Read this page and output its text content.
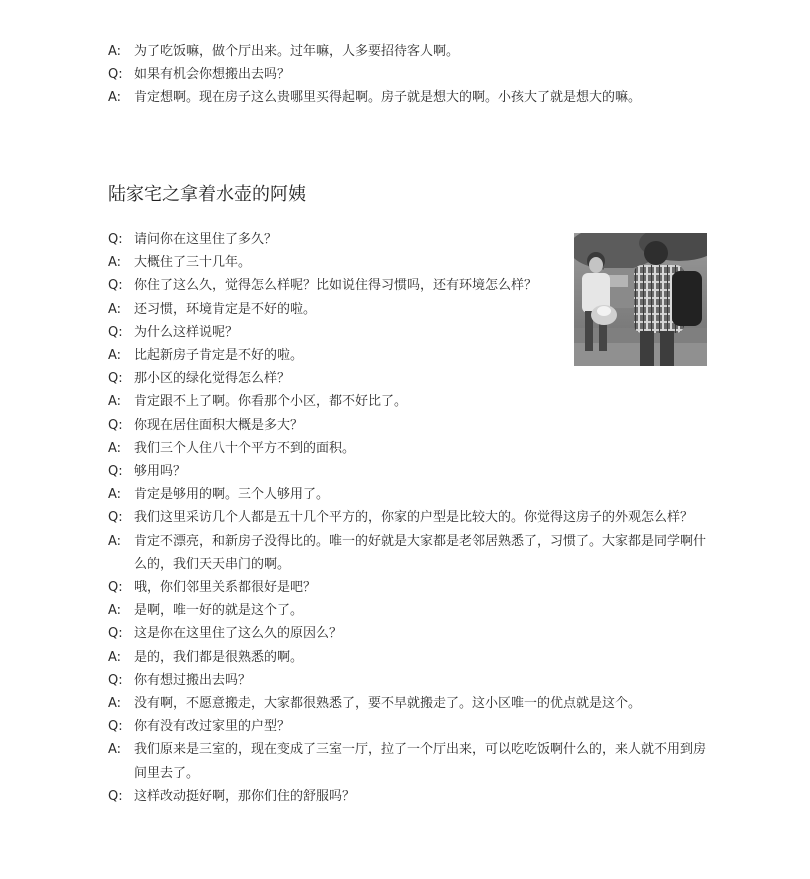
A: 为了吃饭嘛，做个厅出来。过年嘛，人多要招待客人啊。
Q: 如果有机会你想搬出去吗？
A: 肯定想啊。现在房子这么贵哪里买得起啊。房子就是想大的啊。小孩大了就是想大的嘛。
陆家宅之拿着水壶的阿姨
Q: 请问你在这里住了多久？
A: 大概住了三十几年。
Q: 你住了这么久，觉得怎么样呢？比如说住得习惯吗，还有环境怎么样？
A: 还习惯，环境肯定是不好的啦。
Q: 为什么这样说呢？
A: 比起新房子肯定是不好的啦。
Q: 那小区的绿化觉得怎么样？
A: 肯定跟不上了啊。你看那个小区，都不好比了。
Q: 你现在居住面积大概是多大？
A: 我们三个人住八十个平方不到的面积。
Q: 够用吗？
A: 肯定是够用的啊。三个人够用了。
Q: 我们这里采访几个人都是五十几个平方的，你家的户型是比较大的。你觉得这房子的外观怎么样？
A: 肯定不漂亮，和新房子没得比的。唯一的好就是大家都是老邻居熟悉了，习惯了。大家都是同学啊什么的，我们天天串门的啊。
Q: 哦，你们邻里关系都很好是吧？
A: 是啊，唯一好的就是这个了。
Q: 这是你在这里住了这么久的原因么？
A: 是的，我们都是很熟悉的啊。
Q: 你有想过搬出去吗？
A: 没有啊，不愿意搬走，大家都很熟悉了，要不早就搬走了。这小区唯一的优点就是这个。
Q: 你有没有改过家里的户型？
A: 我们原来是三室的，现在变成了三室一厅，拉了一个厅出来，可以吃吃饭啊什么的，来人就不用到房间里去了。
Q: 这样改动挺好啊，那你们住的舒服吗？
